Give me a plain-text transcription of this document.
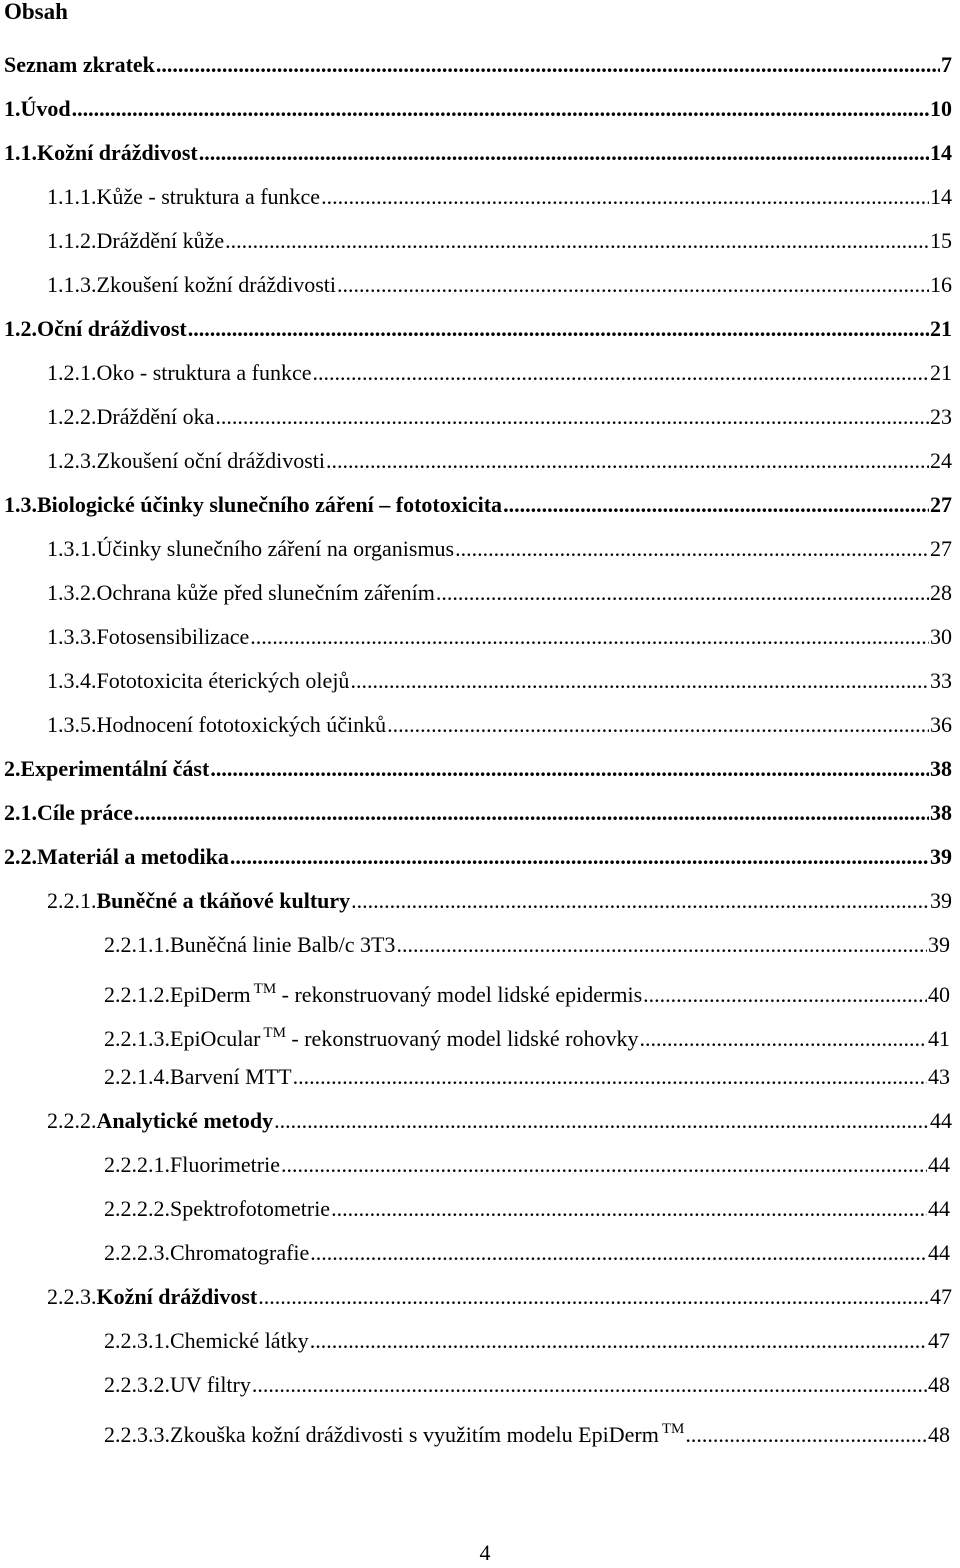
Obsah
Seznam zkratek .....	7
1. Úvod .....	10
1.1. Kožní dráždivost .....	14
1.1.1. Kůže - struktura a funkce .....	14
1.1.2. Dráždění kůže .....	15
1.1.3. Zkoušení kožní dráždivosti .....	16
1.2. Oční dráždivost .....	21
1.2.1. Oko - struktura a funkce .....	21
1.2.2. Dráždění oka .....	23
1.2.3. Zkoušení oční dráždivosti .....	24
1.3. Biologické účinky slunečního záření – fototoxicita .....	27
1.3.1. Účinky slunečního záření na organismus .....	27
1.3.2. Ochrana kůže před slunečním zářením .....	28
1.3.3. Fotosensibilizace .....	30
1.3.4. Fototoxicita éterických olejů .....	33
1.3.5. Hodnocení fototoxických účinků .....	36
2. Experimentální část .....	38
2.1. Cíle práce .....	38
2.2. Materiál a metodika .....	39
2.2.1. Buněčné a tkáňové kultury .....	39
2.2.1.1. Buněčná linie Balb/c 3T3 .....	39
2.2.1.2. EpiDerm ™ - rekonstruovaný model lidské epidermis .....	40
2.2.1.3. EpiOcular ™ - rekonstruovaný model lidské rohovky .....	41
2.2.1.4. Barvení MTT .....	43
2.2.2. Analytické metody .....	44
2.2.2.1. Fluorimetrie .....	44
2.2.2.2. Spektrofotometrie .....	44
2.2.2.3. Chromatografie .....	44
2.2.3. Kožní dráždivost .....	47
2.2.3.1. Chemické látky .....	47
2.2.3.2. UV filtry .....	48
2.2.3.3. Zkouška kožní dráždivosti s využitím modelu EpiDerm ™ .....	48
4
